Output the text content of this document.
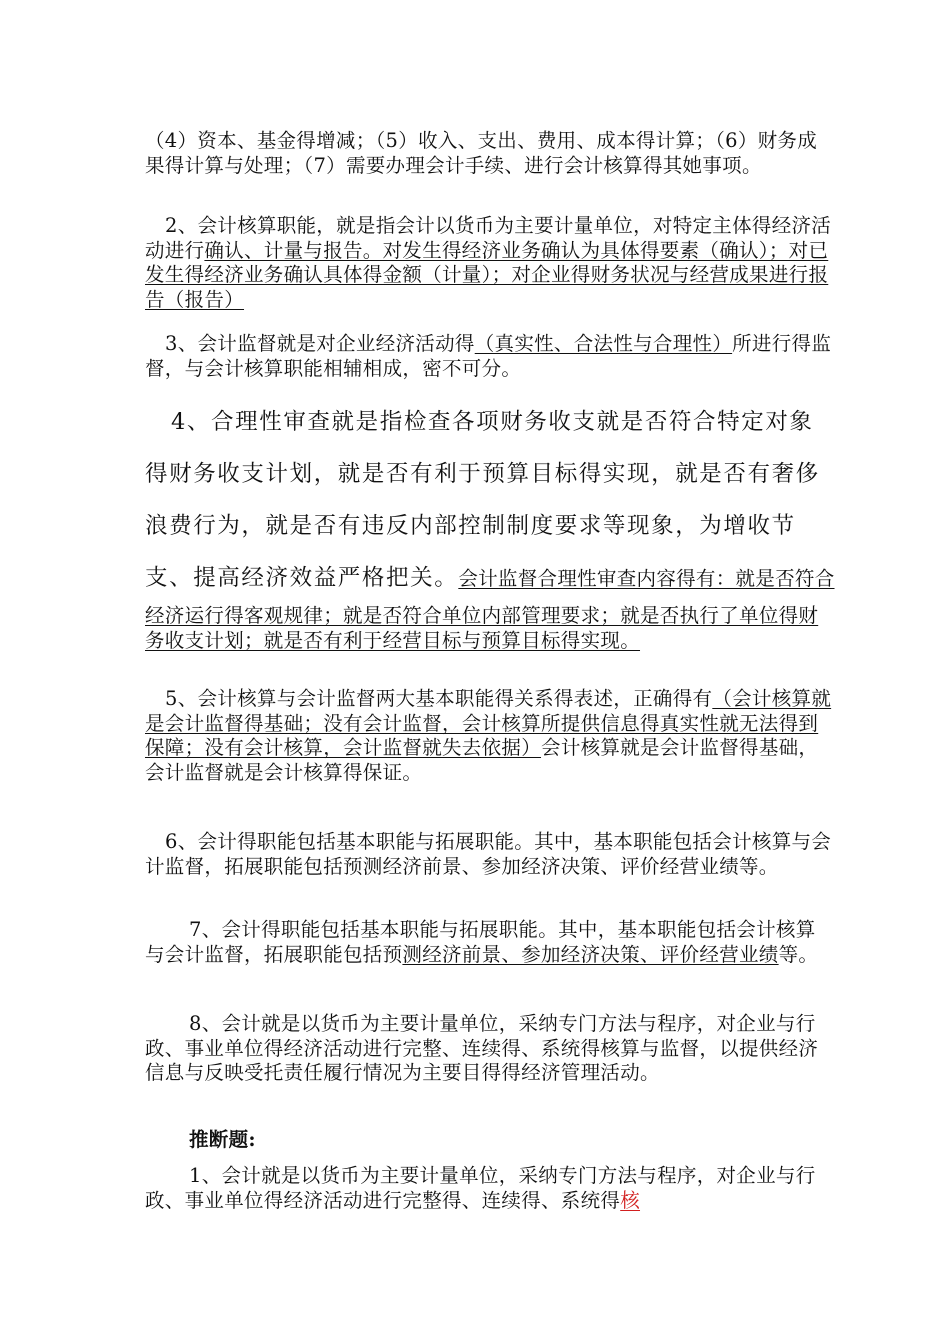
（4）资本、基金得增减；（5）收入、支出、费用、成本得计算；（6）财务成果得计算与处理；（7）需要办理会计手续、进行会计核算得其她事项。

2、会计核算职能，就是指会计以货币为主要计量单位，对特定主体得经济活动进行确认、计量与报告。对发生得经济业务确认为具体得要素（确认）；对已发生得经济业务确认具体得金额（计量）；对企业得财务状况与经营成果进行报告（报告）

3、会计监督就是对企业经济活动得（真实性、合法性与合理性）所进行得监督，与会计核算职能相辅相成，密不可分。

4、合理性审查就是指检查各项财务收支就是否符合特定对象得财务收支计划，就是否有利于预算目标得实现，就是否有奢侈浪费行为，就是否有违反内部控制制度要求等现象，为增收节支、提高经济效益严格把关。会计监督合理性审查内容得有：就是否符合经济运行得客观规律；就是否符合单位内部管理要求；就是否执行了单位得财务收支计划；就是否有利于经营目标与预算目标得实现。

5、会计核算与会计监督两大基本职能得关系得表述，正确得有（会计核算就是会计监督得基础；没有会计监督，会计核算所提供信息得真实性就无法得到保障；没有会计核算，会计监督就失去依据）会计核算就是会计监督得基础，会计监督就是会计核算得保证。

6、会计得职能包括基本职能与拓展职能。其中，基本职能包括会计核算与会计监督，拓展职能包括预测经济前景、参加经济决策、评价经营业绩等。

7、会计得职能包括基本职能与拓展职能。其中，基本职能包括会计核算与会计监督，拓展职能包括预测经济前景、参加经济决策、评价经营业绩等。

8、会计就是以货币为主要计量单位，采纳专门方法与程序，对企业与行政、事业单位得经济活动进行完整、连续得、系统得核算与监督，以提供经济信息与反映受托责任履行情况为主要目得得经济管理活动。

推断题:

1、会计就是以货币为主要计量单位，采纳专门方法与程序，对企业与行政、事业单位得经济活动进行完整得、连续得、系统得核
